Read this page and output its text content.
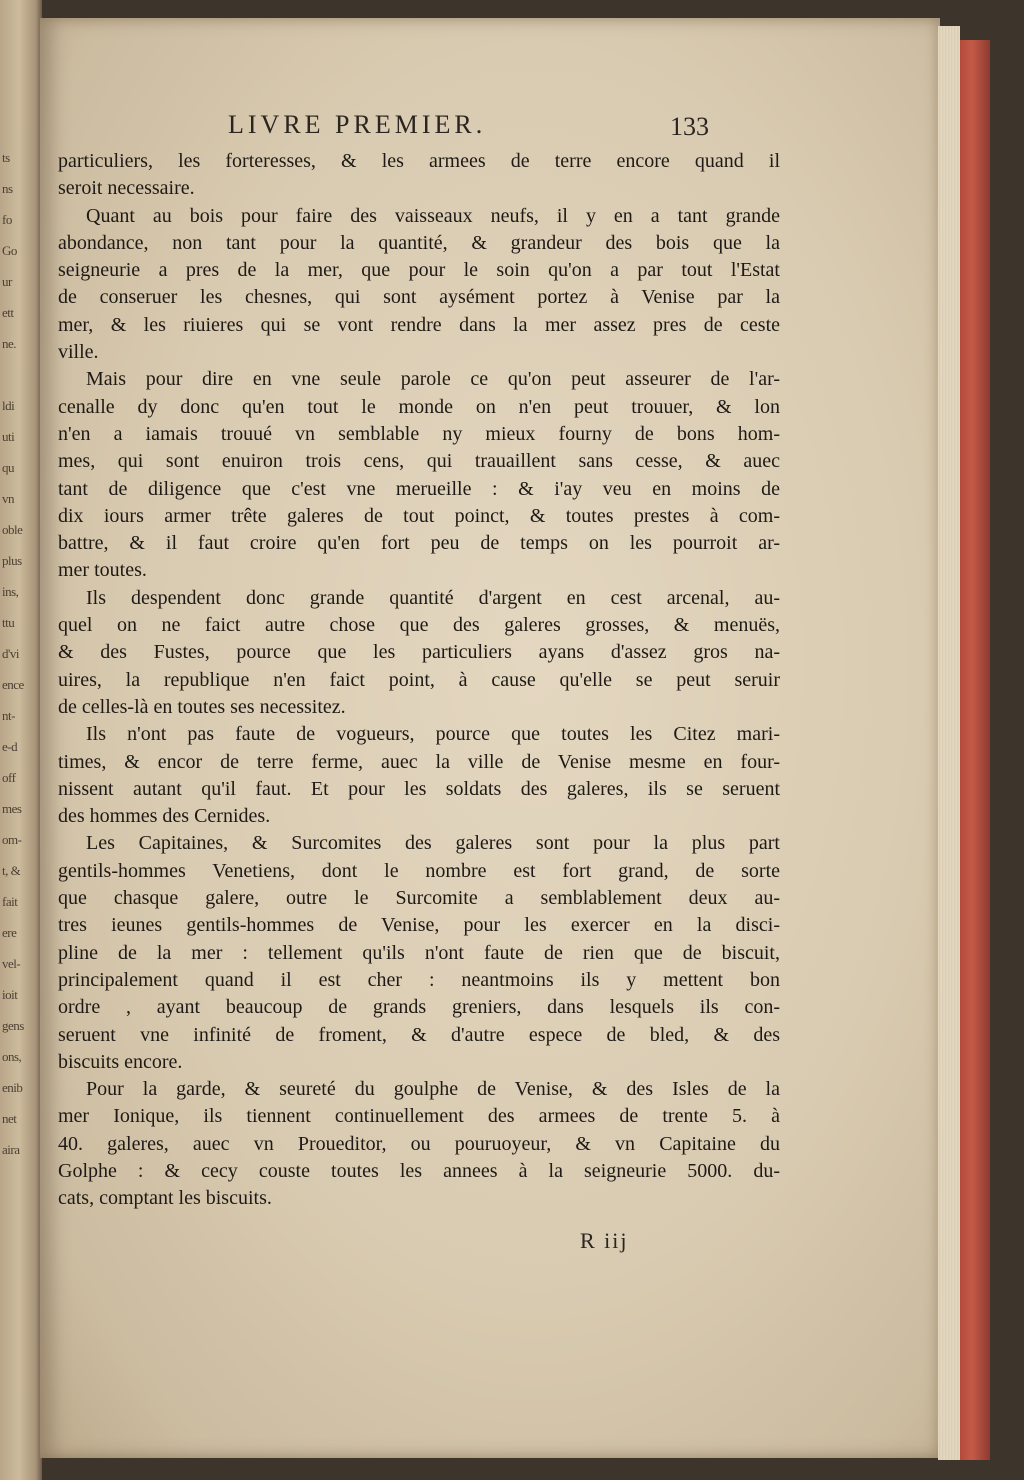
ts
ns
fo
Go
ur
ett
ne.
ldi
uti
qu
vn
oble
plus
ins,
ttu
d'vi
ence
nt-
e-d
off
mes
om-
t, &
fait
ere
vel-
ioit
gens
ons,
enib
net
aira
LIVRE PREMIER.	133
particuliers, les forteresses, & les armees de terre encore quand il
seroit necessaire.
Quant au bois pour faire des vaisseaux neufs, il y en a tant grande
abondance, non tant pour la quantité, & grandeur des bois que la
seigneurie a pres de la mer, que pour le soin qu'on a par tout l'Estat
de conseruer les chesnes, qui sont aysément portez à Venise par la
mer, & les riuieres qui se vont rendre dans la mer assez pres de ceste
ville.
Mais pour dire en vne seule parole ce qu'on peut asseurer de l'ar-
cenalle dy donc qu'en tout le monde on n'en peut trouuer, & lon
n'en a iamais trouué vn semblable ny mieux fourny de bons hom-
mes, qui sont enuiron trois cens, qui trauaillent sans cesse, & auec
tant de diligence que c'est vne merueille : & i'ay veu en moins de
dix iours armer trête galeres de tout poinct, & toutes prestes à com-
battre, & il faut croire qu'en fort peu de temps on les pourroit ar-
mer toutes.
Ils despendent donc grande quantité d'argent en cest arcenal, au-
quel on ne faict autre chose que des galeres grosses, & menuës,
& des Fustes, pource que les particuliers ayans d'assez gros na-
uires, la republique n'en faict point, à cause qu'elle se peut seruir
de celles-là en toutes ses necessitez.
Ils n'ont pas faute de vogueurs, pource que toutes les Citez mari-
times, & encor de terre ferme, auec la ville de Venise mesme en four-
nissent autant qu'il faut. Et pour les soldats des galeres, ils se seruent
des hommes des Cernides.
Les Capitaines, & Surcomites des galeres sont pour la plus part
gentils-hommes Venetiens, dont le nombre est fort grand, de sorte
que chasque galere, outre le Surcomite a semblablement deux au-
tres ieunes gentils-hommes de Venise, pour les exercer en la disci-
pline de la mer : tellement qu'ils n'ont faute de rien que de biscuit,
principalement quand il est cher : neantmoins ils y mettent bon
ordre , ayant beaucoup de grands greniers, dans lesquels ils con-
seruent vne infinité de froment, & d'autre espece de bled, & des
biscuits encore.
Pour la garde, & seureté du goulphe de Venise, & des Isles de la
mer Ionique, ils tiennent continuellement des armees de trente 5. à
40. galeres, auec vn Proueditor, ou pouruoyeur, & vn Capitaine du
Golphe : & cecy couste toutes les annees à la seigneurie 5000. du-
cats, comptant les biscuits.
R iij
